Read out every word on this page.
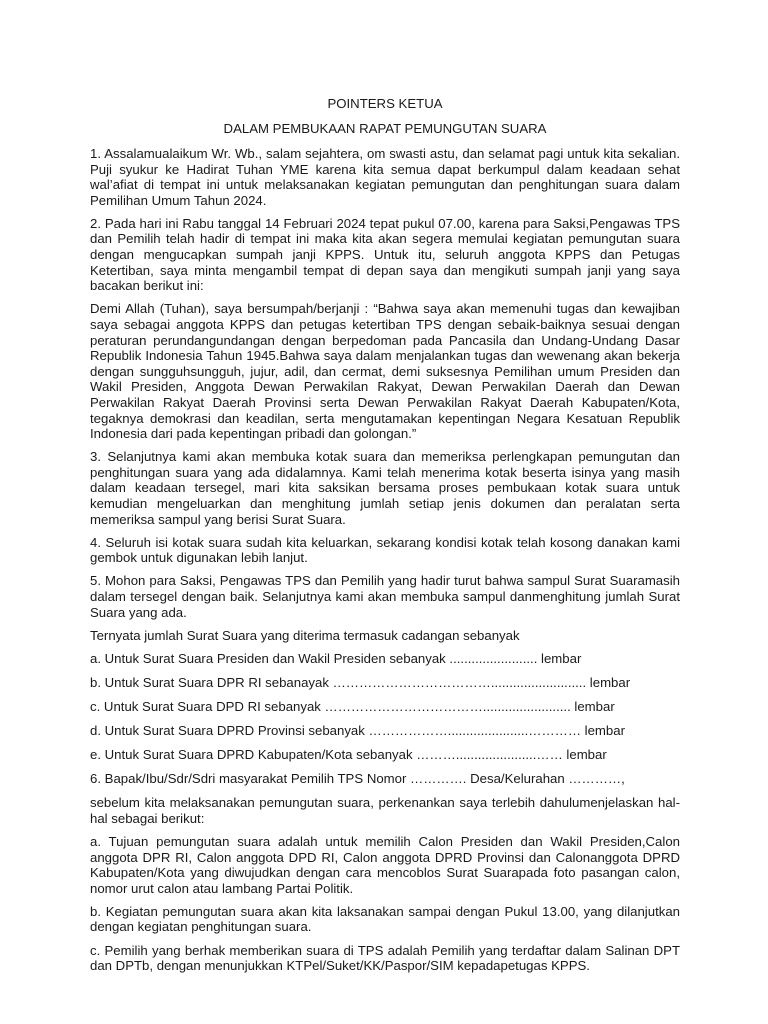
POINTERS KETUA
DALAM PEMBUKAAN RAPAT PEMUNGUTAN SUARA

1. Assalamualaikum Wr. Wb., salam sejahtera, om swasti astu, dan selamat pagi untuk kita sekalian. Puji syukur ke Hadirat Tuhan YME karena kita semua dapat berkumpul dalam keadaan sehat wal’afiat di tempat ini untuk melaksanakan kegiatan pemungutan dan penghitungan suara dalam Pemilihan Umum Tahun 2024.

2. Pada hari ini Rabu tanggal 14 Februari 2024 tepat pukul 07.00, karena para Saksi,Pengawas TPS dan Pemilih telah hadir di tempat ini maka kita akan segera memulai kegiatan pemungutan suara dengan mengucapkan sumpah janji KPPS. Untuk itu, seluruh anggota KPPS dan Petugas Ketertiban, saya minta mengambil tempat di depan saya dan mengikuti sumpah janji yang saya bacakan berikut ini:

Demi Allah (Tuhan), saya bersumpah/berjanji : “Bahwa saya akan memenuhi tugas dan kewajiban saya sebagai anggota KPPS dan petugas ketertiban TPS dengan sebaik-baiknya sesuai dengan peraturan perundangundangan dengan berpedoman pada Pancasila dan Undang-Undang Dasar Republik Indonesia Tahun 1945.Bahwa saya dalam menjalankan tugas dan wewenang akan bekerja dengan sungguhsungguh, jujur, adil, dan cermat, demi suksesnya Pemilihan umum Presiden dan Wakil Presiden, Anggota Dewan Perwakilan Rakyat, Dewan Perwakilan Daerah dan Dewan Perwakilan Rakyat Daerah Provinsi serta Dewan Perwakilan Rakyat Daerah Kabupaten/Kota, tegaknya demokrasi dan keadilan, serta mengutamakan kepentingan Negara Kesatuan Republik Indonesia dari pada kepentingan pribadi dan golongan.”

3. Selanjutnya kami akan membuka kotak suara dan memeriksa perlengkapan pemungutan dan penghitungan suara yang ada didalamnya. Kami telah menerima kotak beserta isinya yang masih dalam keadaan tersegel, mari kita saksikan bersama proses pembukaan kotak suara untuk kemudian mengeluarkan dan menghitung jumlah setiap jenis dokumen dan peralatan serta memeriksa sampul yang berisi Surat Suara.

4. Seluruh isi kotak suara sudah kita keluarkan, sekarang kondisi kotak telah kosong danakan kami gembok untuk digunakan lebih lanjut.

5. Mohon para Saksi, Pengawas TPS dan Pemilih yang hadir turut bahwa sampul Surat Suaramasih dalam tersegel dengan baik. Selanjutnya kami akan membuka sampul danmenghitung jumlah Surat Suara yang ada.

Ternyata jumlah Surat Suara yang diterima termasuk cadangan sebanyak

a. Untuk Surat Suara Presiden dan Wakil Presiden sebanyak ........................ lembar
b. Untuk Surat Suara DPR RI sebanayak ……………………………….......................... lembar
c. Untuk Surat Suara DPD RI sebanyak ………………………………........................ lembar
d. Untuk Surat Suara DPRD Provinsi sebanyak ………………......................………… lembar
e. Untuk Surat Suara DPRD Kabupaten/Kota sebanyak ………......................…… lembar
6. Bapak/Ibu/Sdr/Sdri masyarakat Pemilih TPS Nomor …………. Desa/Kelurahan …………,

sebelum kita melaksanakan pemungutan suara, perkenankan saya terlebih dahulumenjelaskan hal-hal sebagai berikut:

a. Tujuan pemungutan suara adalah untuk memilih Calon Presiden dan Wakil Presiden,Calon anggota DPR RI, Calon anggota DPD RI, Calon anggota DPRD Provinsi dan Calonanggota DPRD Kabupaten/Kota yang diwujudkan dengan cara mencoblos Surat Suarapada foto pasangan calon, nomor urut calon atau lambang Partai Politik.

b. Kegiatan pemungutan suara akan kita laksanakan sampai dengan Pukul 13.00, yang dilanjutkan dengan kegiatan penghitungan suara.

c. Pemilih yang berhak memberikan suara di TPS adalah Pemilih yang terdaftar dalam Salinan DPT dan DPTb, dengan menunjukkan KTPel/Suket/KK/Paspor/SIM kepadapetugas KPPS.
